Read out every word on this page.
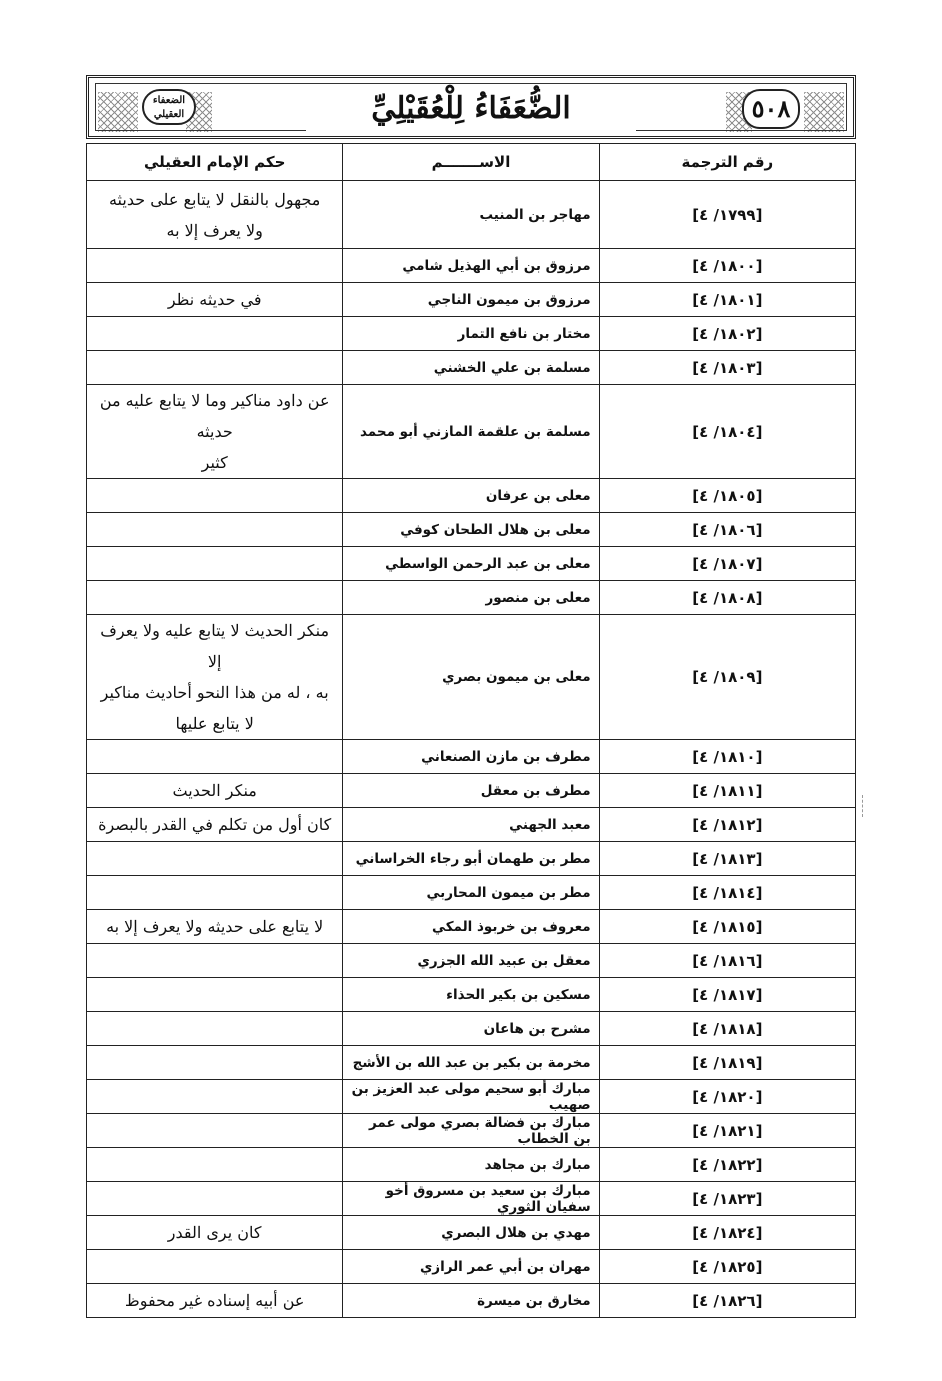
الضعفاء العقيلي	الضُّعَفَاءُ لِلْعُقَيْلِيِّ	٥٠٨
رقم الترجمة	الاســـــــم	حكم الإمام العقيلي
[١٧٩٩/ ٤]	مهاجر بن المنيب	مجهول بالنقل لا يتابع على حديثه
ولا يعرف إلا به

[١٨٠٠/ ٤]	مرزوق بن أبي الهذيل شامي	
[١٨٠١/ ٤]	مرزوق بن ميمون الناجي	في حديثه نظر

[١٨٠٢/ ٤]	مختار بن نافع التمار	
[١٨٠٣/ ٤]	مسلمة بن علي الخشني	
[١٨٠٤/ ٤]	مسلمة بن علقمة المازني أبو محمد	عن داود مناكير وما لا يتابع عليه من حديثه
كثير

[١٨٠٥/ ٤]	معلى بن عرفان	
[١٨٠٦/ ٤]	معلى بن هلال الطحان كوفي	
[١٨٠٧/ ٤]	معلى بن عبد الرحمن الواسطي	
[١٨٠٨/ ٤]	معلى بن منصور	
[١٨٠٩/ ٤]	معلى بن ميمون بصري	منكر الحديث لا يتابع عليه ولا يعرف إلا
به ، له من هذا النحو أحاديث مناكير
لا يتابع عليها

[١٨١٠/ ٤]	مطرف بن مازن الصنعاني	
[١٨١١/ ٤]	مطرف بن معقل	منكر الحديث

[١٨١٢/ ٤]	معبد الجهني	كان أول من تكلم في القدر بالبصرة

[١٨١٣/ ٤]	مطر بن طهمان أبو رجاء الخراساني	
[١٨١٤/ ٤]	مطر بن ميمون المحاربي	
[١٨١٥/ ٤]	معروف بن خربوذ المكي	لا يتابع على حديثه ولا يعرف إلا به

[١٨١٦/ ٤]	معقل بن عبيد الله الجزري	
[١٨١٧/ ٤]	مسكين بن بكير الحذاء	
[١٨١٨/ ٤]	مشرح بن هاعان	
[١٨١٩/ ٤]	مخرمة بن بكير بن عبد الله بن الأشج	
[١٨٢٠/ ٤]	مبارك أبو سحيم مولى عبد العزيز بن صهيب	
[١٨٢١/ ٤]	مبارك بن فضالة بصري مولى عمر بن الخطاب	
[١٨٢٢/ ٤]	مبارك بن مجاهد	
[١٨٢٣/ ٤]	مبارك بن سعيد بن مسروق أخو سفيان الثوري	
[١٨٢٤/ ٤]	مهدي بن هلال البصري	كان يرى القدر

[١٨٢٥/ ٤]	مهران بن أبي عمر الرازي	
[١٨٢٦/ ٤]	مخارق بن ميسرة	عن أبيه إسناده غير محفوظ
